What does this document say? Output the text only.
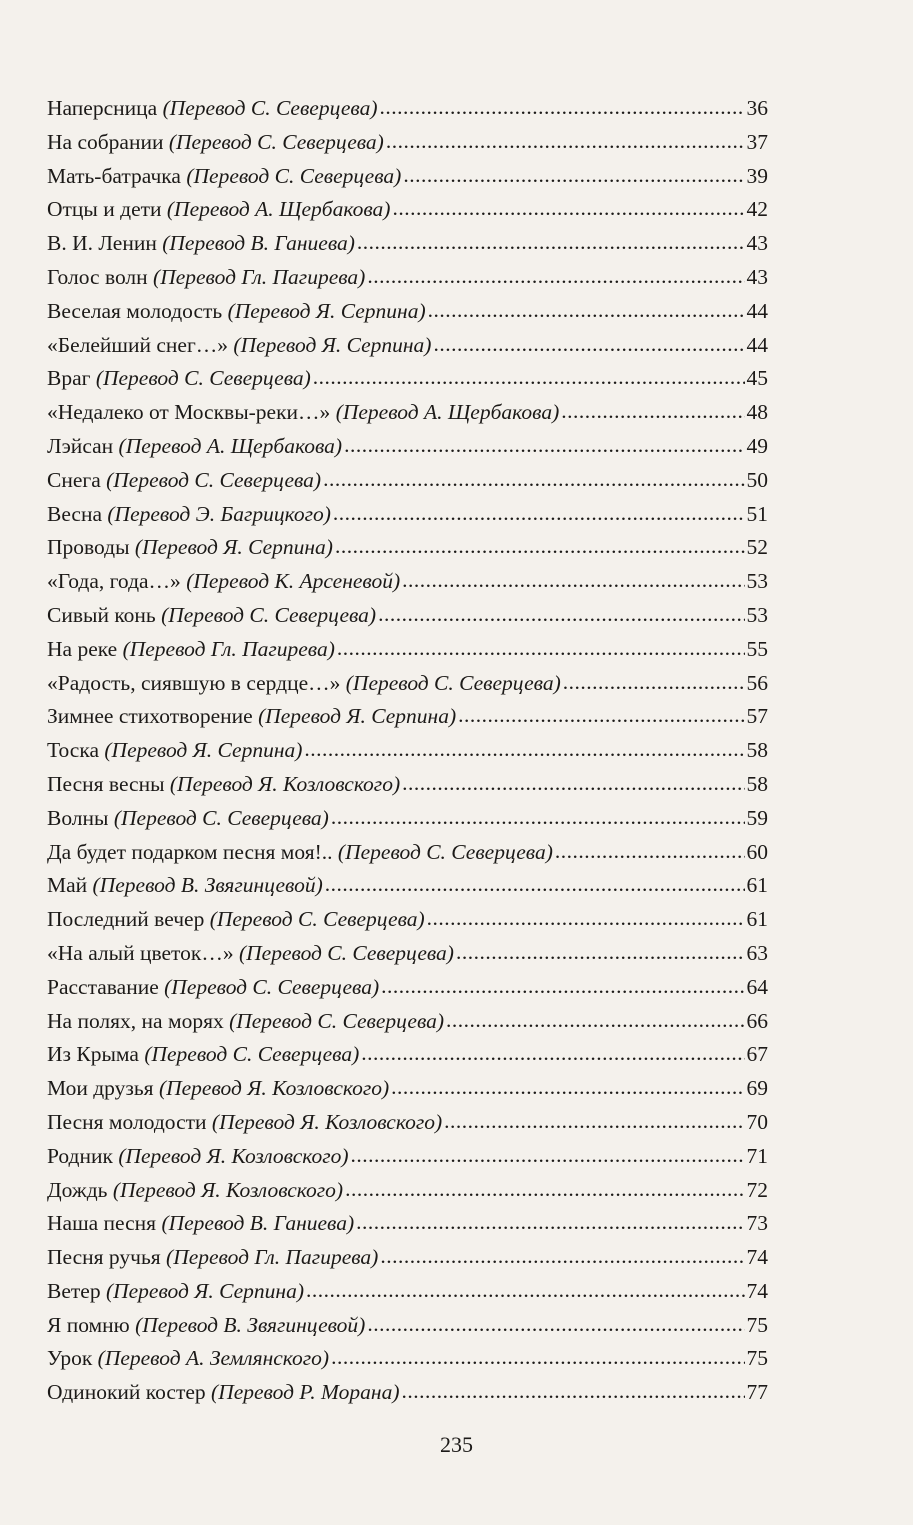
Наперсница (Перевод С. Северцева) .....	36
На собрании (Перевод С. Северцева) .....	37
Мать-батрачка (Перевод С. Северцева) .....	39
Отцы и дети (Перевод А. Щербакова) .....	42
В. И. Ленин (Перевод В. Ганиева) .....	43
Голос волн (Перевод Гл. Пагирева) .....	43
Веселая молодость (Перевод Я. Серпина) .....	44
«Белейший снег…» (Перевод Я. Серпина) .....	44
Враг (Перевод С. Северцева) .....	45
«Недалеко от Москвы-реки…» (Перевод А. Щербакова) .....	48
Лэйсан (Перевод А. Щербакова) .....	49
Снега (Перевод С. Северцева) .....	50
Весна (Перевод Э. Багрицкого) .....	51
Проводы (Перевод Я. Серпина) .....	52
«Года, года…» (Перевод К. Арсеневой) .....	53
Сивый конь (Перевод С. Северцева) .....	53
На реке (Перевод Гл. Пагирева) .....	55
«Радость, сиявшую в сердце…» (Перевод С. Северцева) .....	56
Зимнее стихотворение (Перевод Я. Серпина) .....	57
Тоска (Перевод Я. Серпина) .....	58
Песня весны (Перевод Я. Козловского) .....	58
Волны (Перевод С. Северцева) .....	59
Да будет подарком песня моя!.. (Перевод С. Северцева) .....	60
Май (Перевод В. Звягинцевой) .....	61
Последний вечер (Перевод С. Северцева) .....	61
«На алый цветок…» (Перевод С. Северцева) .....	63
Расставание (Перевод С. Северцева) .....	64
На полях, на морях (Перевод С. Северцева) .....	66
Из Крыма (Перевод С. Северцева) .....	67
Мои друзья (Перевод Я. Козловского) .....	69
Песня молодости (Перевод Я. Козловского) .....	70
Родник (Перевод Я. Козловского) .....	71
Дождь (Перевод Я. Козловского) .....	72
Наша песня (Перевод В. Ганиева) .....	73
Песня ручья (Перевод Гл. Пагирева) .....	74
Ветер (Перевод Я. Серпина) .....	74
Я помню (Перевод В. Звягинцевой) .....	75
Урок (Перевод А. Землянского) .....	75
Одинокий костер (Перевод Р. Морана) .....	77
235
